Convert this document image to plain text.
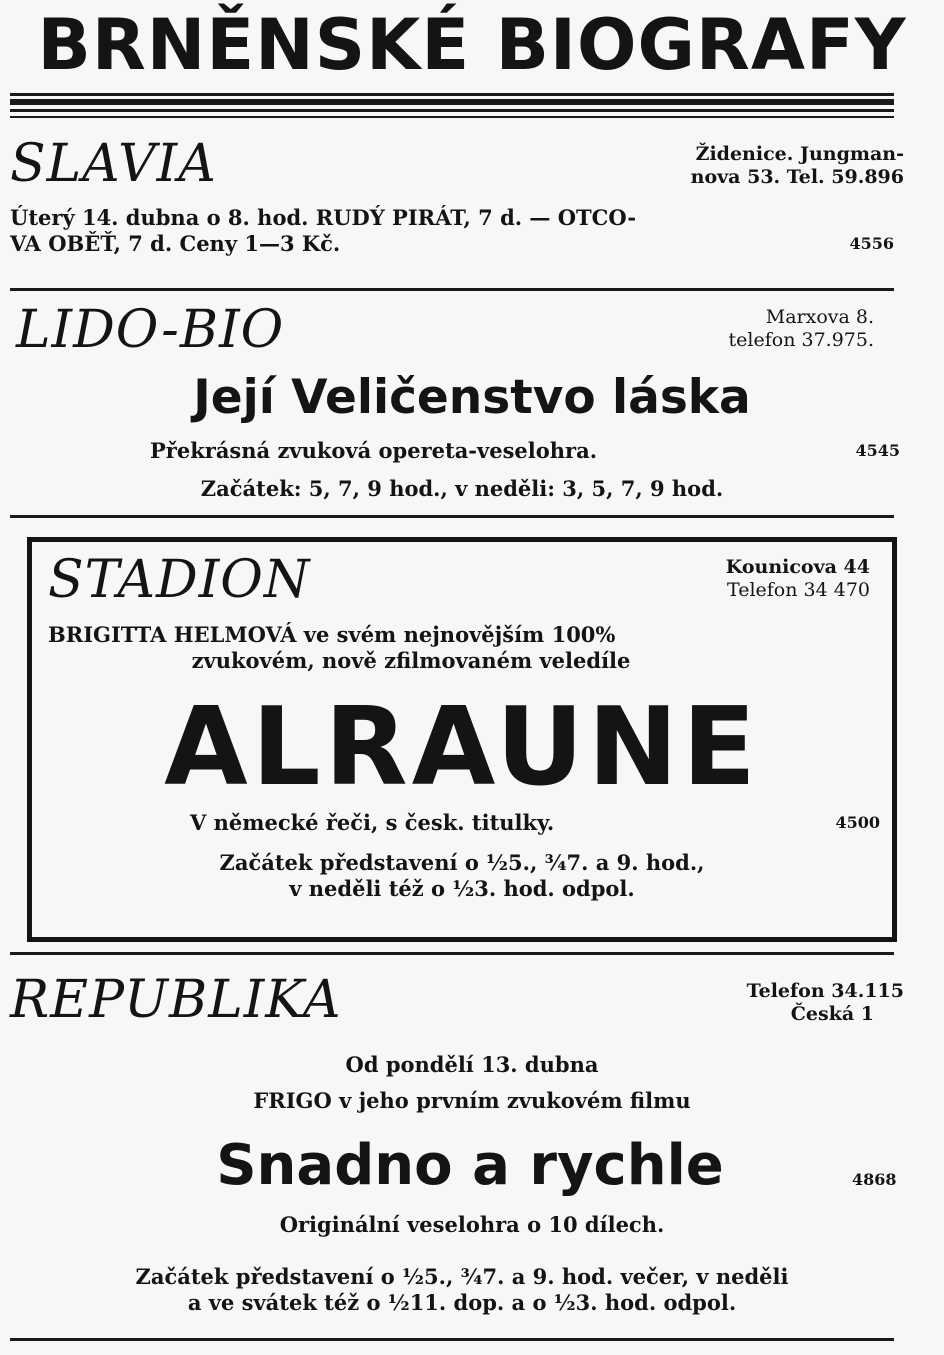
BRNĚNSKÉ BIOGRAFY
SLAVIA	Židenice. Jungman-
nova 53. Tel. 59.896
Úterý 14. dubna o 8. hod. RUDÝ PIRÁT, 7 d. — OTCO-
VA OBĚŤ, 7 d. Ceny 1—3 Kč.	4556
LIDO-BIO	Marxova 8.
telefon 37.975.
Její Veličenstvo láska
Překrásná zvuková opereta-veselohra.	4545
Začátek: 5, 7, 9 hod., v neděli: 3, 5, 7, 9 hod.
STADION	Kounicova 44
Telefon 34 470
BRIGITTA HELMOVÁ ve svém nejnovějším 100%
zvukovém, nově zfilmovaném veledíle
ALRAUNE
V německé řeči, s česk. titulky.	4500
Začátek představení o ½5., ¾7. a 9. hod.,
v neděli též o ½3. hod. odpol.
REPUBLIKA	Telefon 34.115
Česká 1
Od pondělí 13. dubna
FRIGO v jeho prvním zvukovém filmu
Snadno a rychle	4868
Originální veselohra o 10 dílech.
Začátek představení o ½5., ¾7. a 9. hod. večer, v neděli
a ve svátek též o ½11. dop. a o ½3. hod. odpol.
